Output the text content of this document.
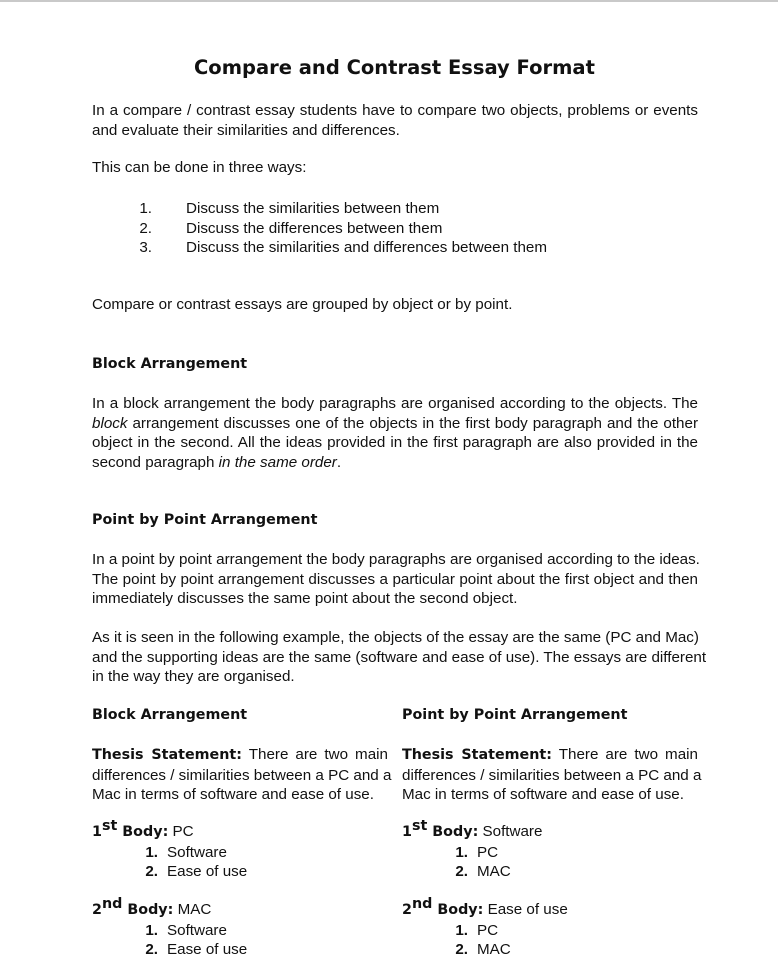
Compare and Contrast Essay Format
In a compare / contrast essay students have to compare two objects, problems or events
and evaluate their similarities and differences.
This can be done in three ways:
1. Discuss the similarities between them
2. Discuss the differences between them
3. Discuss the similarities and differences between them
Compare or contrast essays are grouped by object or by point.
Block Arrangement
In a block arrangement the body paragraphs are organised according to the objects. The
block arrangement discusses one of the objects in the first body paragraph and the other
object in the second. All the ideas provided in the first paragraph are also provided in the
second paragraph in the same order.
Point by Point Arrangement
In a point by point arrangement the body paragraphs are organised according to the ideas.
The point by point arrangement discusses a particular point about the first object and then
immediately discusses the same point about the second object.
As it is seen in the following example, the objects of the essay are the same (PC and Mac)
and the supporting ideas are the same (software and ease of use). The essays are different
in the way they are organised.
Block Arrangement
Thesis Statement: There are two main
differences / similarities between a PC and a
Mac in terms of software and ease of use.
1st Body: PC
1. Software
2. Ease of use
2nd Body: MAC
1. Software
2. Ease of use
Point by Point Arrangement
Thesis Statement: There are two main
differences / similarities between a PC and a
Mac in terms of software and ease of use.
1st Body: Software
1. PC
2. MAC
2nd Body: Ease of use
1. PC
2. MAC
